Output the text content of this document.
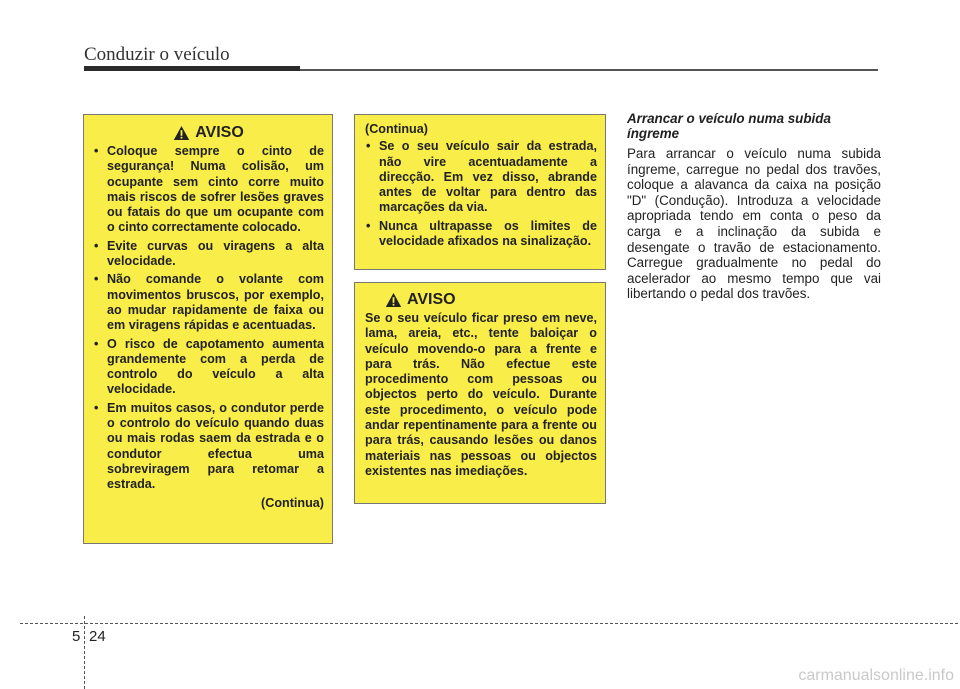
Conduzir o veículo
AVISO
• Coloque sempre o cinto de segurança! Numa colisão, um ocupante sem cinto corre muito mais riscos de sofrer lesões graves ou fatais do que um ocupante com o cinto correctamente colocado.
• Evite curvas ou viragens a alta velocidade.
• Não comande o volante com movimentos bruscos, por exemplo, ao mudar rapidamente de faixa ou em viragens rápidas e acentuadas.
• O risco de capotamento aumenta grandemente com a perda de controlo do veículo a alta velocidade.
• Em muitos casos, o condutor perde o controlo do veículo quando duas ou mais rodas saem da estrada e o condutor efectua uma sobreviragem para retomar a estrada.
(Continua)
(Continua)
• Se o seu veículo sair da estrada, não vire acentuadamente a direcção. Em vez disso, abrande antes de voltar para dentro das marcações da via.
• Nunca ultrapasse os limites de velocidade afixados na sinalização.
AVISO

Se o seu veículo ficar preso em neve, lama, areia, etc., tente baloiçar o veículo movendo-o para a frente e para trás. Não efectue este procedimento com pessoas ou objectos perto do veículo. Durante este procedimento, o veículo pode andar repentinamente para a frente ou para trás, causando lesões ou danos materiais nas pessoas ou objectos existentes nas imediações.

Arrancar o veículo numa subida íngreme
Para arrancar o veículo numa subida íngreme, carregue no pedal dos travões, coloque a alavanca da caixa na posição "D" (Condução). Introduza a velocidade apropriada tendo em conta o peso da carga e a inclinação da subida e desengate o travão de estacionamento. Carregue gradualmente no pedal do acelerador ao mesmo tempo que vai libertando o pedal dos travões.
5 24
carmanualsonline.info
